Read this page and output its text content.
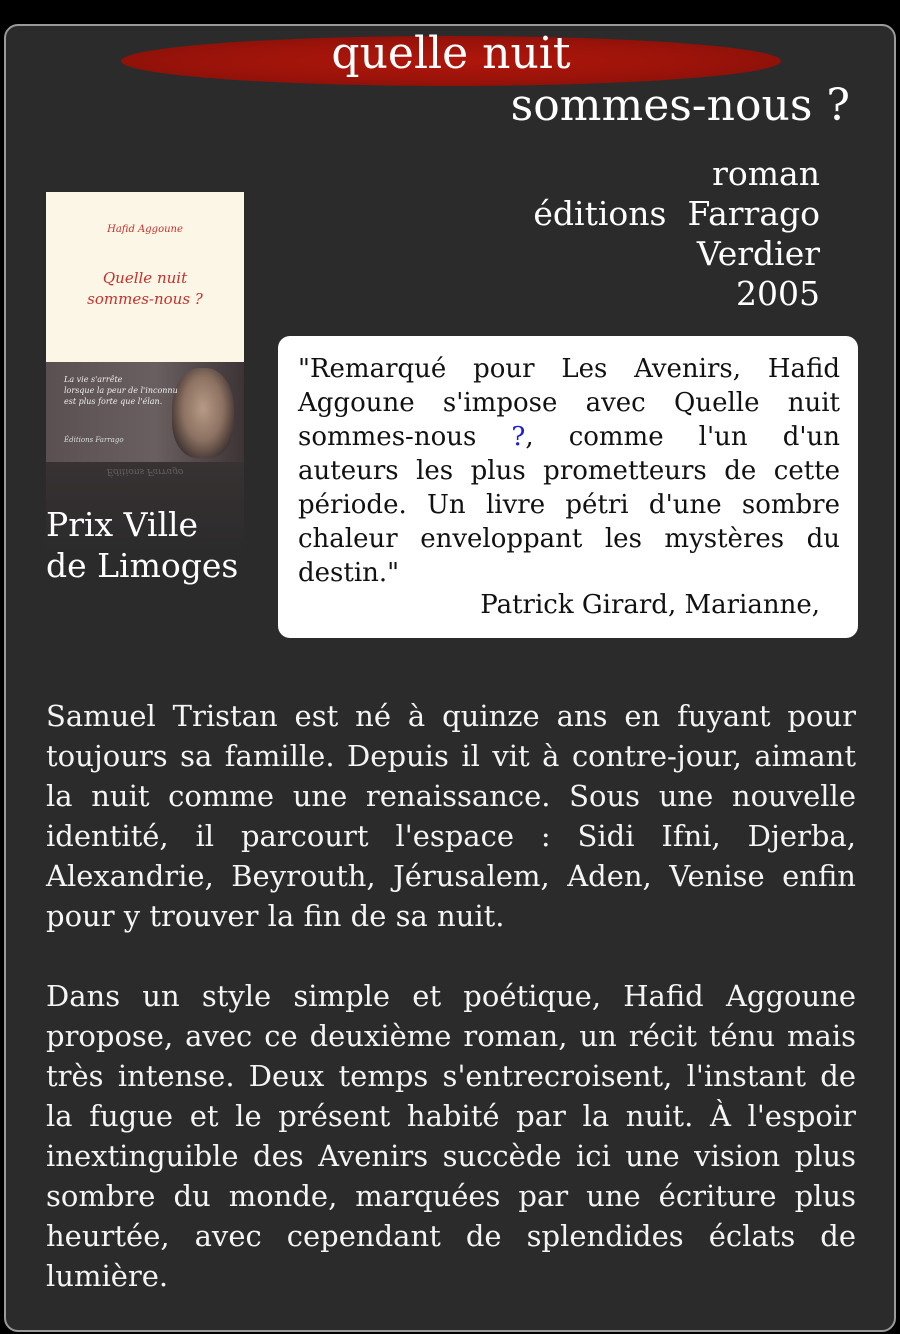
quelle nuit
sommes-nous ?
roman
éditions  Farrago
Verdier
2005
Hafid Aggoune
Quelle nuit
sommes-nous ?
La vie s'arrête
lorsque la peur de l'inconnu
est plus forte que l'élan.
Éditions Farrago
Éditions Farrago
Prix Ville
de Limoges
"Remarqué pour Les Avenirs, Hafid Aggoune s'impose avec Quelle nuit sommes-nous ?, comme l'un d'un auteurs les plus prometteurs de cette période. Un livre pétri d'une sombre chaleur enveloppant les mystères du destin."
Patrick Girard, Marianne,
Samuel Tristan est né à quinze ans en fuyant pour toujours sa famille. Depuis il vit à contre-jour, aimant la nuit comme une renaissance. Sous une nouvelle identité, il parcourt l'espace : Sidi Ifni, Djerba, Alexandrie, Beyrouth, Jérusalem, Aden, Venise enfin pour y trouver la fin de sa nuit.
Dans un style simple et poétique, Hafid Aggoune propose, avec ce deuxième roman, un récit ténu mais très intense. Deux temps s'entrecroisent, l'instant de la fugue et le présent habité par la nuit. À l'espoir inextinguible des Avenirs succède ici une vision plus sombre du monde, marquées par une écriture plus heurtée, avec cependant de splendides éclats de lumière.
